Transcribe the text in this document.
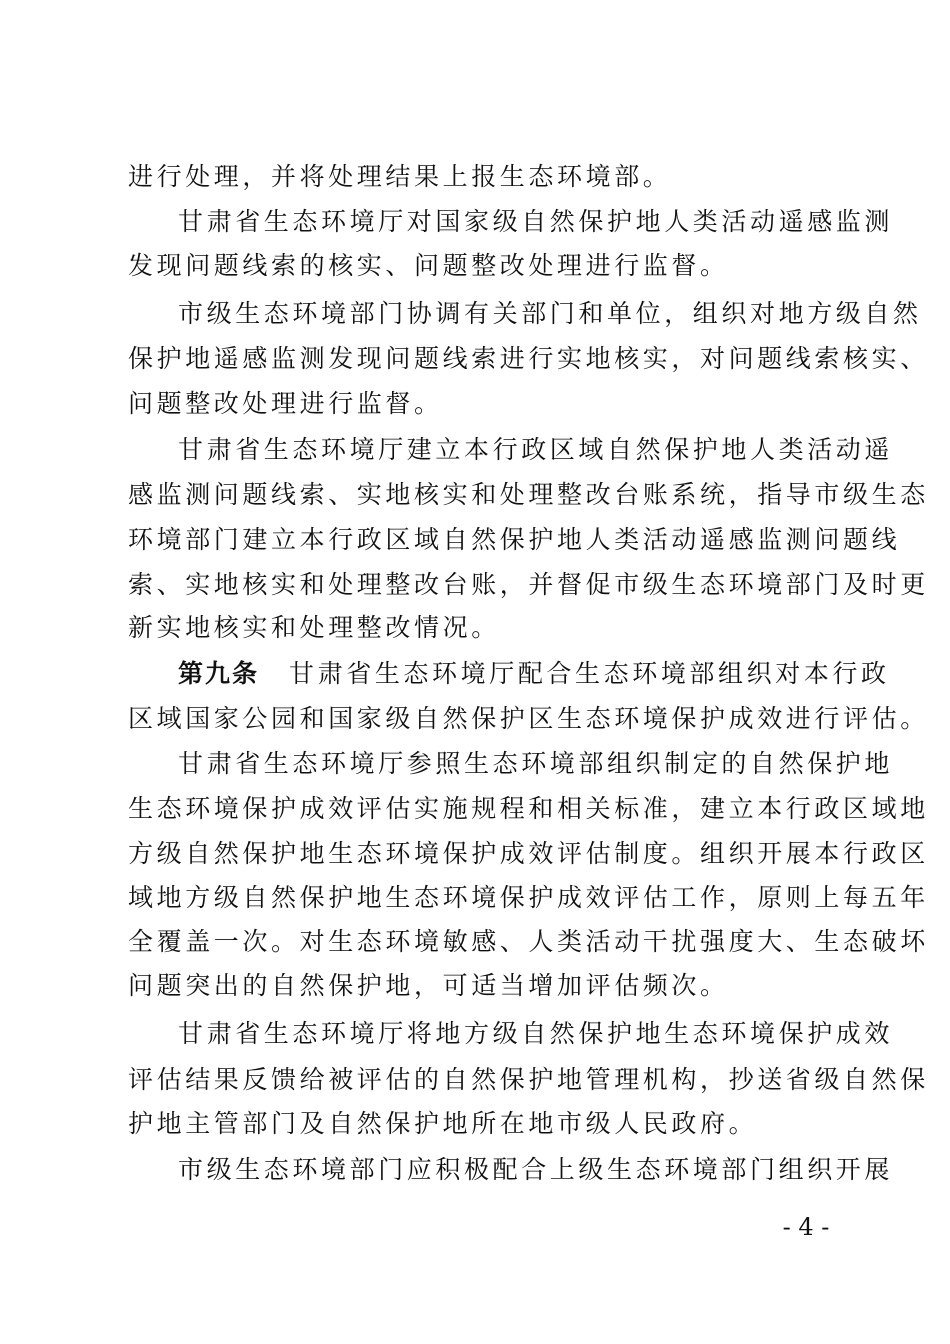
进行处理，并将处理结果上报生态环境部。
甘肃省生态环境厅对国家级自然保护地人类活动遥感监测
发现问题线索的核实、问题整改处理进行监督。
市级生态环境部门协调有关部门和单位，组织对地方级自然
保护地遥感监测发现问题线索进行实地核实，对问题线索核实、
问题整改处理进行监督。
甘肃省生态环境厅建立本行政区域自然保护地人类活动遥
感监测问题线索、实地核实和处理整改台账系统，指导市级生态
环境部门建立本行政区域自然保护地人类活动遥感监测问题线
索、实地核实和处理整改台账，并督促市级生态环境部门及时更
新实地核实和处理整改情况。
第九条 甘肃省生态环境厅配合生态环境部组织对本行政
区域国家公园和国家级自然保护区生态环境保护成效进行评估。
甘肃省生态环境厅参照生态环境部组织制定的自然保护地
生态环境保护成效评估实施规程和相关标准，建立本行政区域地
方级自然保护地生态环境保护成效评估制度。组织开展本行政区
域地方级自然保护地生态环境保护成效评估工作，原则上每五年
全覆盖一次。对生态环境敏感、人类活动干扰强度大、生态破坏
问题突出的自然保护地，可适当增加评估频次。
甘肃省生态环境厅将地方级自然保护地生态环境保护成效
评估结果反馈给被评估的自然保护地管理机构，抄送省级自然保
护地主管部门及自然保护地所在地市级人民政府。
市级生态环境部门应积极配合上级生态环境部门组织开展
- 4 -
